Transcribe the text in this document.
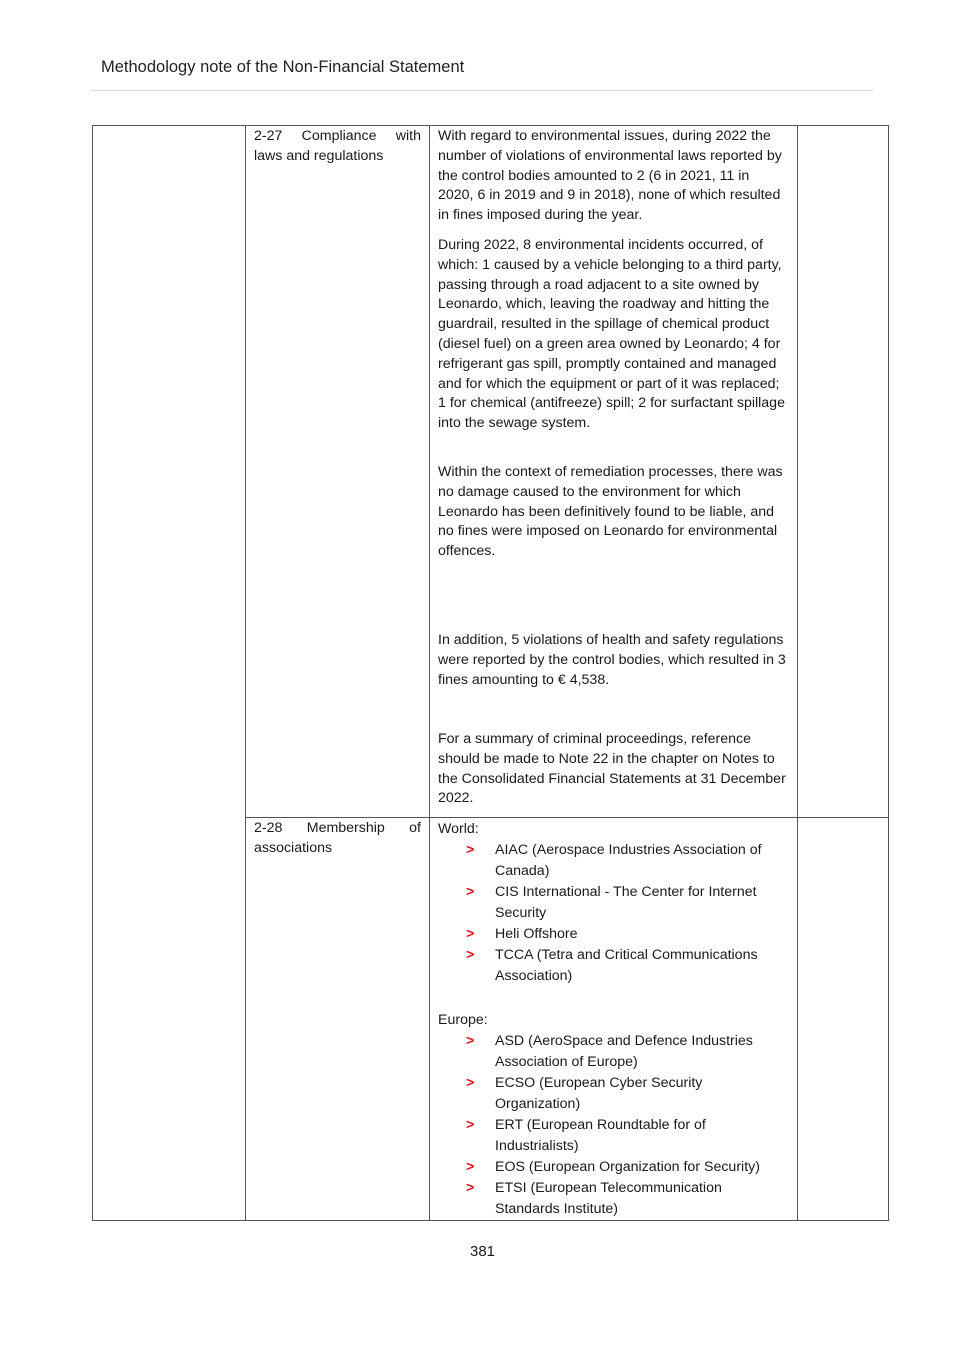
Methodology note of the Non-Financial Statement
2-27 Compliance with laws and regulations
With regard to environmental issues, during 2022 the number of violations of environmental laws reported by the control bodies amounted to 2 (6 in 2021, 11 in 2020, 6 in 2019 and 9 in 2018), none of which resulted in fines imposed during the year.
During 2022, 8 environmental incidents occurred, of which: 1 caused by a vehicle belonging to a third party, passing through a road adjacent to a site owned by Leonardo, which, leaving the roadway and hitting the guardrail, resulted in the spillage of chemical product (diesel fuel) on a green area owned by Leonardo; 4 for refrigerant gas spill, promptly contained and managed and for which the equipment or part of it was replaced; 1 for chemical (antifreeze) spill; 2 for surfactant spillage into the sewage system.
Within the context of remediation processes, there was no damage caused to the environment for which Leonardo has been definitively found to be liable, and no fines were imposed on Leonardo for environmental offences.
In addition, 5 violations of health and safety regulations were reported by the control bodies, which resulted in 3 fines amounting to € 4,538.
For a summary of criminal proceedings, reference should be made to Note 22 in the chapter on Notes to the Consolidated Financial Statements at 31 December 2022.
2-28 Membership of associations
World:
> AIAC (Aerospace Industries Association of Canada)
> CIS International - The Center for Internet Security
> Heli Offshore
> TCCA (Tetra and Critical Communications Association)
Europe:
> ASD (AeroSpace and Defence Industries Association of Europe)
> ECSO (European Cyber Security Organization)
> ERT (European Roundtable for of Industrialists)
> EOS (European Organization for Security)
> ETSI (European Telecommunication Standards Institute)
381
